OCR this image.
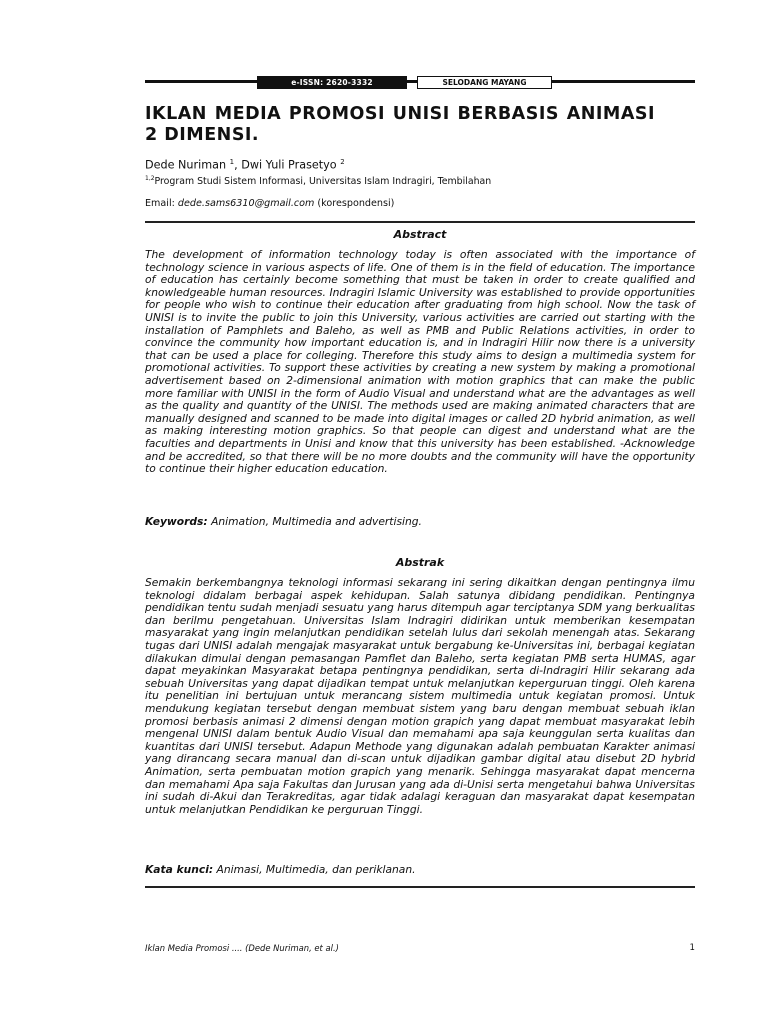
e-ISSN: 2620-3332	SELODANG MAYANG
IKLAN MEDIA PROMOSI UNISI BERBASIS ANIMASI 2 DIMENSI.
Dede Nuriman $^1$, Dwi Yuli Prasetyo $^2$
$^{1,2}$Program Studi Sistem Informasi, Universitas Islam Indragiri, Tembilahan
Email: dede.sams6310@gmail.com (korespondensi)
Abstract

The development of information technology today is often associated with the importance of technology science in various aspects of life. One of them is in the field of education. The importance of education has certainly become something that must be taken in order to create qualified and knowledgeable human resources. Indragiri Islamic University was established to provide opportunities for people who wish to continue their education after graduating from high school. Now the task of UNISI is to invite the public to join this University, various activities are carried out starting with the installation of Pamphlets and Baleho, as well as PMB and Public Relations activities, in order to convince the community how important education is, and in Indragiri Hilir now there is a university that can be used a place for colleging. Therefore this study aims to design a multimedia system for promotional activities. To support these activities by creating a new system by making a promotional advertisement based on 2-dimensional animation with motion graphics that can make the public more familiar with UNISI in the form of Audio Visual and understand what are the advantages as well as the quality and quantity of the UNISI. The methods used are making animated characters that are manually designed and scanned to be made into digital images or called 2D hybrid animation, as well as making interesting motion graphics. So that people can digest and understand what are the faculties and departments in Unisi and know that this university has been established. -Acknowledge and be accredited, so that there will be no more doubts and the community will have the opportunity to continue their higher education education.

Keywords: Animation, Multimedia and advertising.
Abstrak

Semakin berkembangnya teknologi informasi sekarang ini sering dikaitkan dengan pentingnya ilmu teknologi didalam berbagai aspek kehidupan. Salah satunya dibidang pendidikan. Pentingnya pendidikan tentu sudah menjadi sesuatu yang harus ditempuh agar terciptanya SDM yang berkualitas dan berilmu pengetahuan. Universitas Islam Indragiri didirikan untuk memberikan kesempatan masyarakat yang ingin melanjutkan pendidikan setelah lulus dari sekolah menengah atas. Sekarang tugas dari UNISI adalah mengajak masyarakat untuk bergabung ke-Universitas ini, berbagai kegiatan dilakukan dimulai dengan pemasangan Pamflet dan Baleho, serta kegiatan PMB serta HUMAS, agar dapat meyakinkan Masyarakat betapa pentingnya pendidikan, serta di-Indragiri Hilir sekarang ada sebuah Universitas yang dapat dijadikan tempat untuk melanjutkan keperguruan tinggi. Oleh karena itu penelitian ini bertujuan untuk merancang sistem multimedia untuk kegiatan promosi. Untuk mendukung kegiatan tersebut dengan membuat sistem yang baru dengan membuat sebuah iklan promosi berbasis animasi 2 dimensi dengan motion grapich yang dapat membuat masyarakat lebih mengenal UNISI dalam bentuk Audio Visual dan memahami apa saja keunggulan serta kualitas dan kuantitas dari UNISI tersebut. Adapun Methode yang digunakan adalah pembuatan Karakter animasi yang dirancang secara manual dan di-scan untuk dijadikan gambar digital atau disebut 2D hybrid Animation, serta pembuatan motion grapich yang menarik. Sehingga masyarakat dapat mencerna dan memahami Apa saja Fakultas dan Jurusan yang ada di-Unisi serta mengetahui bahwa Universitas ini sudah di-Akui dan Terakreditas, agar tidak adalagi keraguan dan masyarakat dapat kesempatan untuk melanjutkan Pendidikan ke perguruan Tinggi.

Kata kunci: Animasi, Multimedia, dan periklanan.
Iklan Media Promosi .... (Dede Nuriman, et al.)	1
